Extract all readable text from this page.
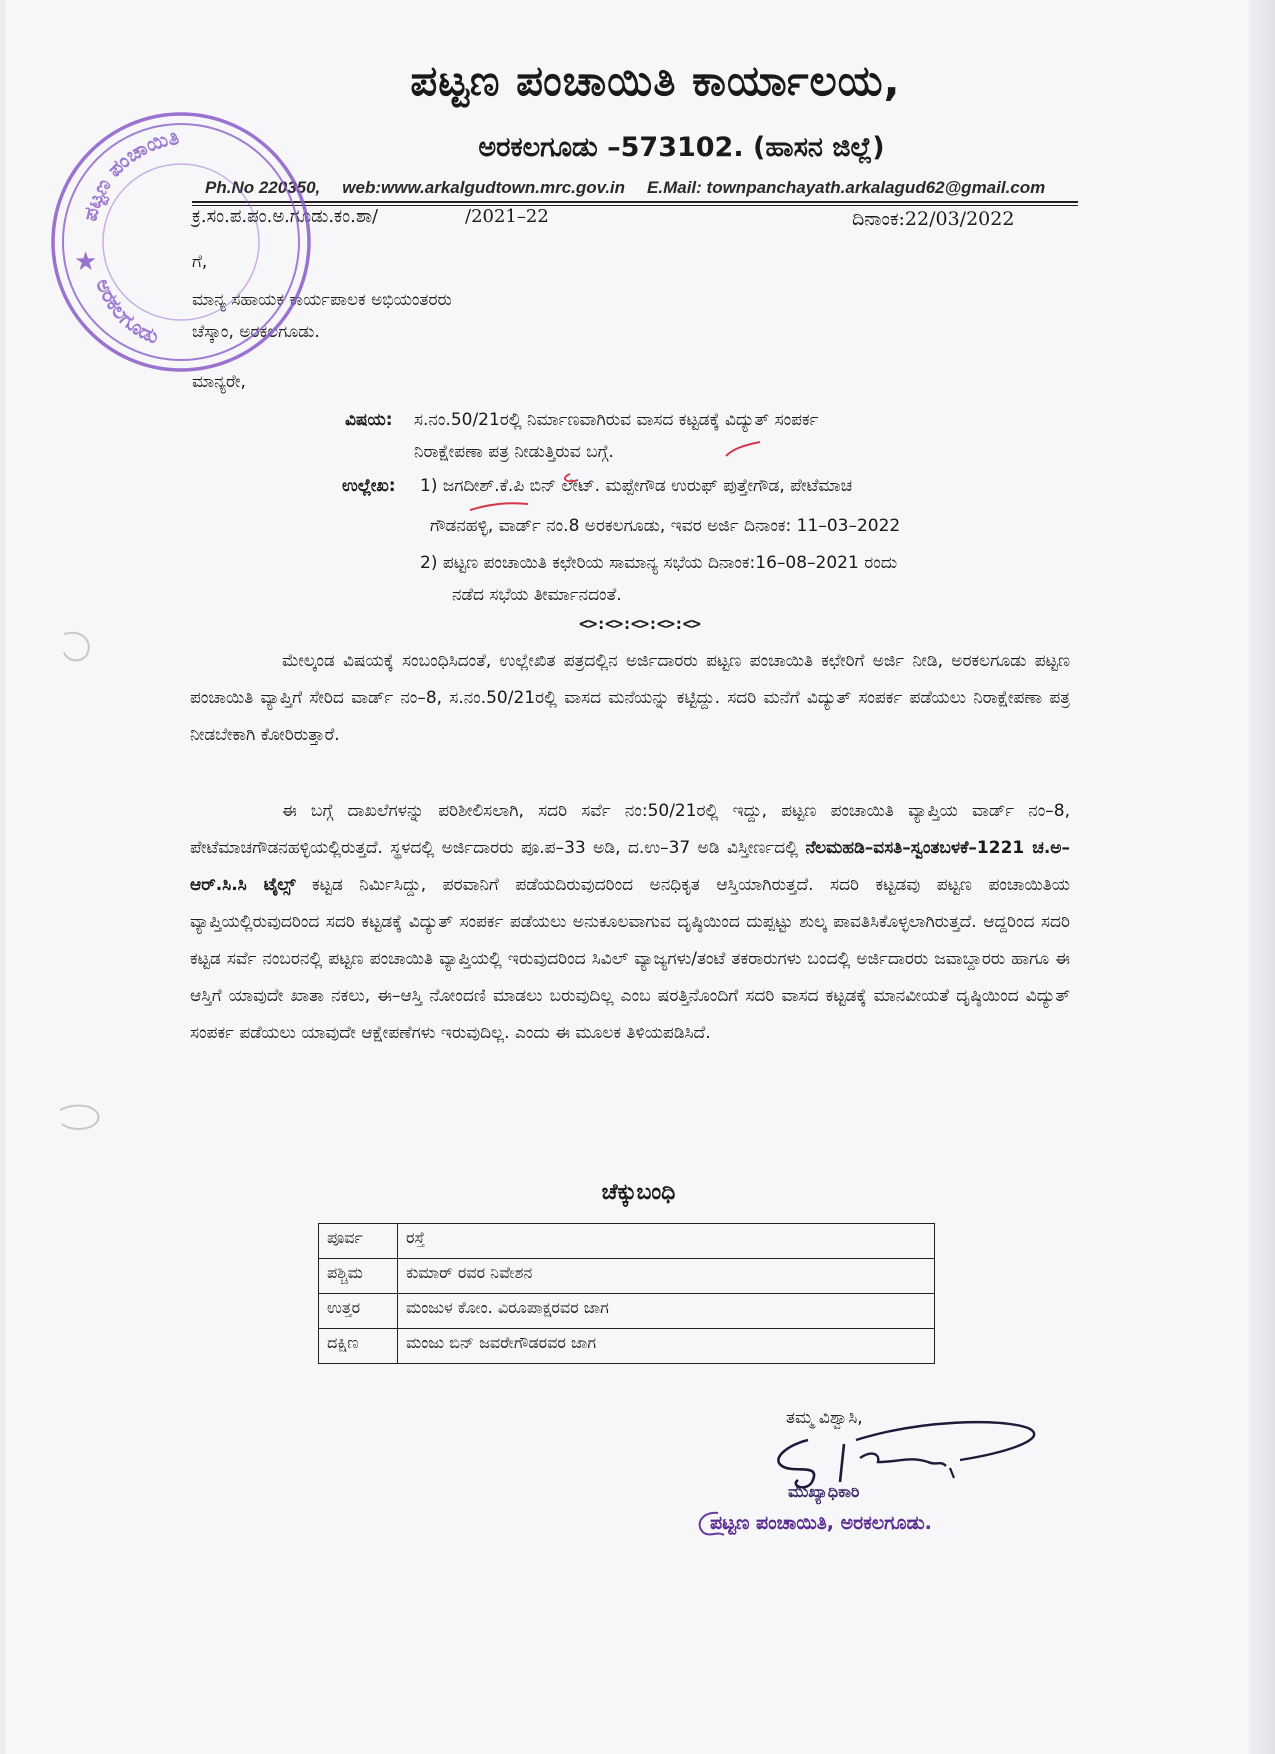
ಪಟ್ಟಣ ಪಂಚಾಯಿತಿ ಕಾರ್ಯಾಲಯ,
ಅರಕಲಗೂಡು –573102. (ಹಾಸನ ಜಿಲ್ಲೆ)
Ph.No 220350, web:www.arkalgudtown.mrc.gov.in E.Mail: townpanchayath.arkalagud62@gmail.com
ಕ್ರ.ಸಂ.ಪ.ಪಂ.ಅ.ಗೂಡು.ಕಂ.ಶಾ/	/2021–22	ದಿನಾಂಕ:22/03/2022
ಗೆ,
ಮಾನ್ಯ ಸಹಾಯಕ ಕಾರ್ಯಪಾಲಕ ಅಭಿಯಂತರರು
ಚೆಸ್ಕಾಂ, ಅರಕಲಗೂಡು.
ಮಾನ್ಯರೇ,
ವಿಷಯ: ಸ.ನಂ.50/21ರಲ್ಲಿ ನಿರ್ಮಾಣವಾಗಿರುವ ವಾಸದ ಕಟ್ಟಡಕ್ಕೆ ವಿದ್ಯುತ್ ಸಂಪರ್ಕ
ನಿರಾಕ್ಷೇಪಣಾ ಪತ್ರ ನೀಡುತ್ತಿರುವ ಬಗ್ಗೆ.
ಉಲ್ಲೇಖ: 1) ಜಗದೀಶ್.ಕೆ.ಪಿ ಬಿನ್ ಲೇಟ್. ಮಪ್ಪೇಗೌಡ ಉರುಫ್ ಪುತ್ತೇಗೌಡ, ಪೇಟೆಮಾಚ
ಗೌಡನಹಳ್ಳಿ, ವಾರ್ಡ್ ನಂ.8 ಅರಕಲಗೂಡು, ಇವರ ಅರ್ಜಿ ದಿನಾಂಕ: 11–03–2022
2) ಪಟ್ಟಣ ಪಂಚಾಯಿತಿ ಕಛೇರಿಯ ಸಾಮಾನ್ಯ ಸಭೆಯ ದಿನಾಂಕ:16–08–2021 ರಂದು
ನಡೆದ ಸಭೆಯ ತೀರ್ಮಾನದಂತೆ.
<>:<>:<>:<>:<>
ಮೇಲ್ಕಂಡ ವಿಷಯಕ್ಕೆ ಸಂಬಂಧಿಸಿದಂತೆ, ಉಲ್ಲೇಖಿತ ಪತ್ರದಲ್ಲಿನ ಅರ್ಜಿದಾರರು ಪಟ್ಟಣ ಪಂಚಾಯಿತಿ ಕಛೇರಿಗೆ ಅರ್ಜಿ ನೀಡಿ, ಅರಕಲಗೂಡು ಪಟ್ಟಣ ಪಂಚಾಯಿತಿ ವ್ಯಾಪ್ತಿಗೆ ಸೇರಿದ ವಾರ್ಡ್ ನಂ–8, ಸ.ನಂ.50/21ರಲ್ಲಿ ವಾಸದ ಮನೆಯನ್ನು ಕಟ್ಟಿದ್ದು. ಸದರಿ ಮನೆಗೆ ವಿದ್ಯುತ್ ಸಂಪರ್ಕ ಪಡೆಯಲು ನಿರಾಕ್ಷೇಪಣಾ ಪತ್ರ ನೀಡಬೇಕಾಗಿ ಕೋರಿರುತ್ತಾರೆ.
ಈ ಬಗ್ಗೆ ದಾಖಲೆಗಳನ್ನು ಪರಿಶೀಲಿಸಲಾಗಿ, ಸದರಿ ಸರ್ವೆ ನಂ:50/21ರಲ್ಲಿ ಇದ್ದು, ಪಟ್ಟಣ ಪಂಚಾಯಿತಿ ವ್ಯಾಪ್ತಿಯ ವಾರ್ಡ್ ನಂ–8, ಪೇಟೆಮಾಚಗೌಡನಹಳ್ಳಿಯಲ್ಲಿರುತ್ತದೆ. ಸ್ಥಳದಲ್ಲಿ ಅರ್ಜಿದಾರರು ಪೂ.ಪ–33 ಅಡಿ, ದ.ಉ–37 ಅಡಿ ವಿಸ್ತೀರ್ಣದಲ್ಲಿ ನೆಲಮಹಡಿ–ವಸತಿ–ಸ್ವಂತಬಳಕೆ–1221 ಚ.ಅ–ಆರ್.ಸಿ.ಸಿ ಟೈಲ್ಸ್ ಕಟ್ಟಡ ನಿರ್ಮಿಸಿದ್ದು, ಪರವಾನಿಗೆ ಪಡೆಯದಿರುವುದರಿಂದ ಅನಧಿಕೃತ ಆಸ್ತಿಯಾಗಿರುತ್ತದೆ. ಸದರಿ ಕಟ್ಟಡವು ಪಟ್ಟಣ ಪಂಚಾಯಿತಿಯ ವ್ಯಾಪ್ತಿಯಲ್ಲಿರುವುದರಿಂದ ಸದರಿ ಕಟ್ಟಡಕ್ಕೆ ವಿದ್ಯುತ್ ಸಂಪರ್ಕ ಪಡೆಯಲು ಅನುಕೂಲವಾಗುವ ದೃಷ್ಠಿಯಿಂದ ದುಪ್ಪಟ್ಟು ಶುಲ್ಕ ಪಾವತಿಸಿಕೊಳ್ಳಲಾಗಿರುತ್ತದೆ. ಆದ್ದರಿಂದ ಸದರಿ ಕಟ್ಟಡ ಸರ್ವೆ ನಂಬರನಲ್ಲಿ ಪಟ್ಟಣ ಪಂಚಾಯಿತಿ ವ್ಯಾಪ್ತಿಯಲ್ಲಿ ಇರುವುದರಿಂದ ಸಿವಿಲ್ ವ್ಯಾಜ್ಯಗಳು/ತಂಟೆ ತಕರಾರುಗಳು ಬಂದಲ್ಲಿ ಅರ್ಜಿದಾರರು ಜವಾಬ್ದಾರರು ಹಾಗೂ ಈ ಆಸ್ತಿಗೆ ಯಾವುದೇ ಖಾತಾ ನಕಲು, ಈ–ಆಸ್ತಿ ನೋಂದಣಿ ಮಾಡಲು ಬರುವುದಿಲ್ಲ ಎಂಬ ಷರತ್ತಿನೊಂದಿಗೆ ಸದರಿ ವಾಸದ ಕಟ್ಟಡಕ್ಕೆ ಮಾನವೀಯತೆ ದೃಷ್ಠಿಯಿಂದ ವಿದ್ಯುತ್ ಸಂಪರ್ಕ ಪಡೆಯಲು ಯಾವುದೇ ಆಕ್ಷೇಪಣೆಗಳು ಇರುವುದಿಲ್ಲ. ಎಂದು ಈ ಮೂಲಕ ತಿಳಿಯಪಡಿಸಿದೆ.
ಚೆಕ್ಕುಬಂಧಿ
ಪೂರ್ವ	ರಸ್ತೆ
ಪಶ್ಚಿಮ	ಕುಮಾರ್ ರವರ ನಿವೇಶನ
ಉತ್ತರ	ಮಂಜುಳ ಕೋಂ. ವಿರೂಪಾಕ್ಷರವರ ಜಾಗ
ದಕ್ಷಿಣ	ಮಂಜು ಬಿನ್ ಜವರೇಗೌಡರವರ ಜಾಗ
ತಮ್ಮ ವಿಶ್ವಾಸಿ,
ಮುಖ್ಯಾಧಿಕಾರಿ
ಪಟ್ಟಣ ಪಂಚಾಯಿತಿ, ಅರಕಲಗೂಡು.
ಪಟ್ಟಣ ಪಂಚಾಯಿತಿ
ಅರಕಲಗೂಡು
★
